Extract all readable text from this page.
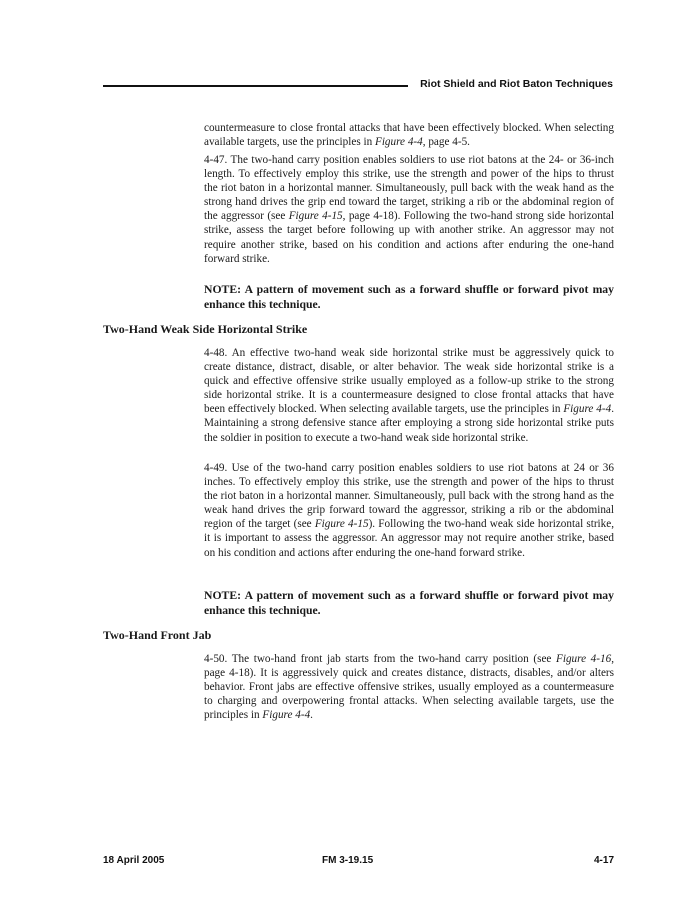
Riot Shield and Riot Baton Techniques

countermeasure to close frontal attacks that have been effectively blocked. When selecting available targets, use the principles in Figure 4-4, page 4-5.

4-47. The two-hand carry position enables soldiers to use riot batons at the 24- or 36-inch length. To effectively employ this strike, use the strength and power of the hips to thrust the riot baton in a horizontal manner. Simultaneously, pull back with the weak hand as the strong hand drives the grip end toward the target, striking a rib or the abdominal region of the aggressor (see Figure 4-15, page 4-18). Following the two-hand strong side horizontal strike, assess the target before following up with another strike. An aggressor may not require another strike, based on his condition and actions after enduring the one-hand forward strike.

NOTE: A pattern of movement such as a forward shuffle or forward pivot may enhance this technique.
Two-Hand Weak Side Horizontal Strike

4-48. An effective two-hand weak side horizontal strike must be aggressively quick to create distance, distract, disable, or alter behavior. The weak side horizontal strike is a quick and effective offensive strike usually employed as a follow-up strike to the strong side horizontal strike. It is a countermeasure designed to close frontal attacks that have been effectively blocked. When selecting available targets, use the principles in Figure 4-4. Maintaining a strong defensive stance after employing a strong side horizontal strike puts the soldier in position to execute a two-hand weak side horizontal strike.

4-49. Use of the two-hand carry position enables soldiers to use riot batons at 24 or 36 inches. To effectively employ this strike, use the strength and power of the hips to thrust the riot baton in a horizontal manner. Simultaneously, pull back with the strong hand as the weak hand drives the grip forward toward the aggressor, striking a rib or the abdominal region of the target (see Figure 4-15). Following the two-hand weak side horizontal strike, it is important to assess the aggressor. An aggressor may not require another strike, based on his condition and actions after enduring the one-hand forward strike.

NOTE: A pattern of movement such as a forward shuffle or forward pivot may enhance this technique.
Two-Hand Front Jab

4-50. The two-hand front jab starts from the two-hand carry position (see Figure 4-16, page 4-18). It is aggressively quick and creates distance, distracts, disables, and/or alters behavior. Front jabs are effective offensive strikes, usually employed as a countermeasure to charging and overpowering frontal attacks. When selecting available targets, use the principles in Figure 4-4.

18 April 2005	FM 3-19.15	4-17
